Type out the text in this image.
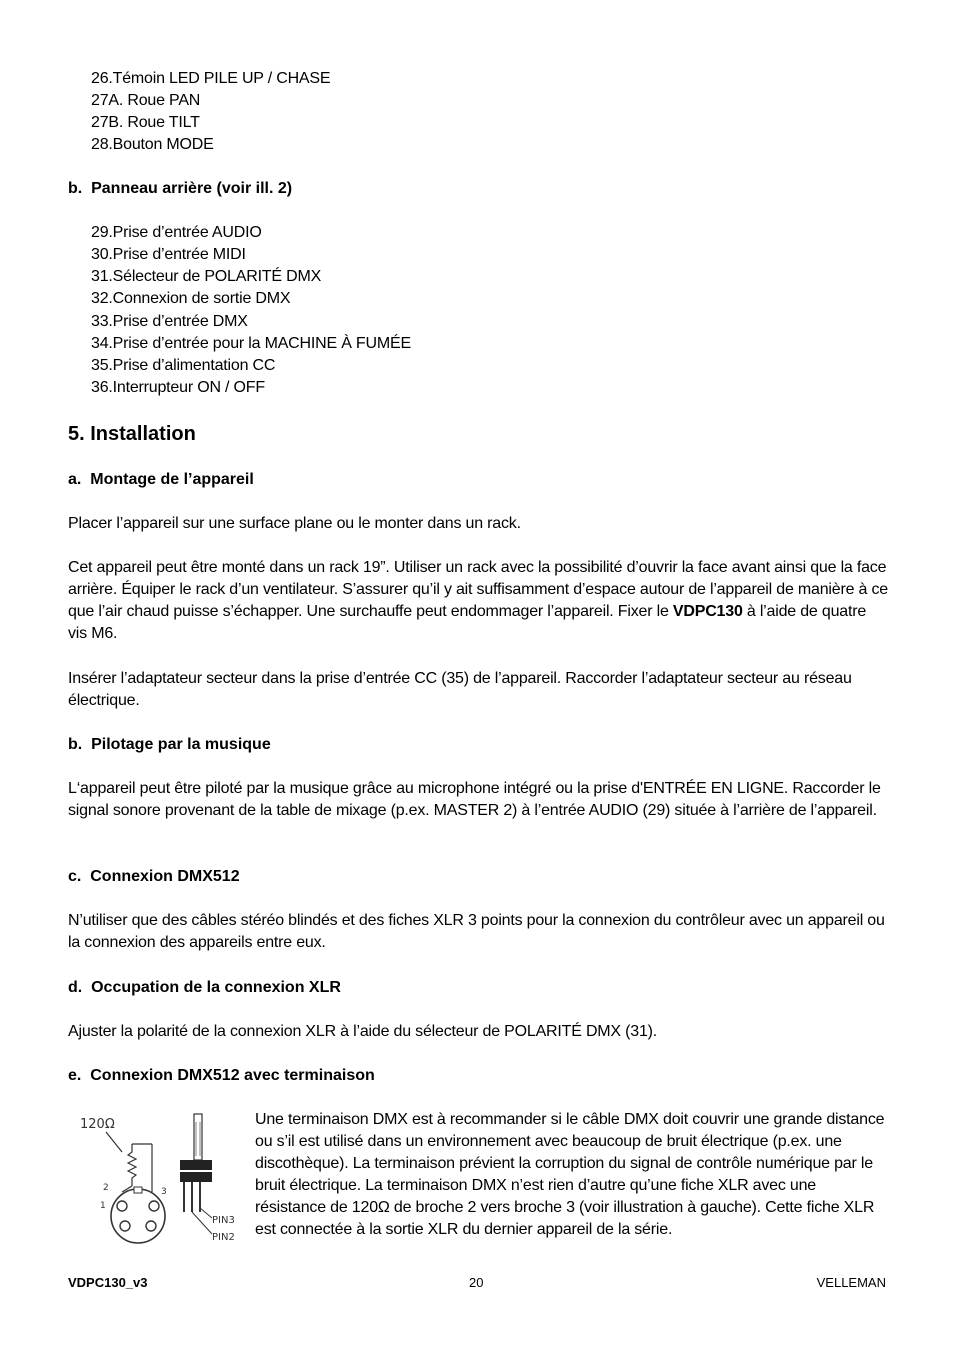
26.Témoin LED PILE UP / CHASE
27A. Roue PAN
27B. Roue TILT
28.Bouton MODE
b.  Panneau arrière (voir ill. 2)
29.Prise d’entrée AUDIO
30.Prise d’entrée MIDI
31.Sélecteur de POLARITÉ DMX
32.Connexion de sortie DMX
33.Prise d’entrée DMX
34.Prise d’entrée pour la MACHINE À FUMÉE
35.Prise d’alimentation CC
36.Interrupteur ON / OFF
5. Installation
a.  Montage de l’appareil
Placer l’appareil sur une surface plane ou le monter dans un rack.
Cet appareil peut être monté dans un rack 19”. Utiliser un rack avec la possibilité d’ouvrir la face avant ainsi que la face arrière. Équiper le rack d’un ventilateur. S’assurer qu’il y ait suffisamment d’espace autour de l’appareil de manière à ce que l’air chaud puisse s’échapper. Une surchauffe peut endommager l’appareil. Fixer le VDPC130 à l’aide de quatre vis M6.
Insérer l’adaptateur secteur dans la prise d’entrée CC (35) de l’appareil. Raccorder l’adaptateur secteur au réseau électrique.
b.  Pilotage par la musique
L‘appareil peut être piloté par la musique grâce au microphone intégré ou la prise d'ENTRÉE EN LIGNE. Raccorder le signal sonore provenant de la table de mixage (p.ex. MASTER 2) à l’entrée AUDIO (29) située à l’arrière de l’appareil.
c.  Connexion DMX512
N’utiliser que des câbles stéréo blindés et des fiches XLR 3 points pour la connexion du contrôleur avec un appareil ou la connexion des appareils entre eux.
d.  Occupation de la connexion XLR
Ajuster la polarité de la connexion XLR à l’aide du sélecteur de POLARITÉ DMX (31).
e.  Connexion DMX512 avec terminaison
120Ω
2	3
1
PIN3
PIN2
Une terminaison DMX est à recommander si le câble DMX doit couvrir une grande distance ou s’il est utilisé dans un environnement avec beaucoup de bruit électrique (p.ex. une discothèque). La terminaison prévient la corruption du signal de contrôle numérique par le bruit électrique. La terminaison DMX n’est rien d’autre qu’une fiche XLR avec une résistance de 120Ω de broche 2 vers broche 3 (voir illustration à gauche). Cette fiche XLR est connectée à la sortie XLR du dernier appareil de la série.
VDPC130_v3	20	VELLEMAN
